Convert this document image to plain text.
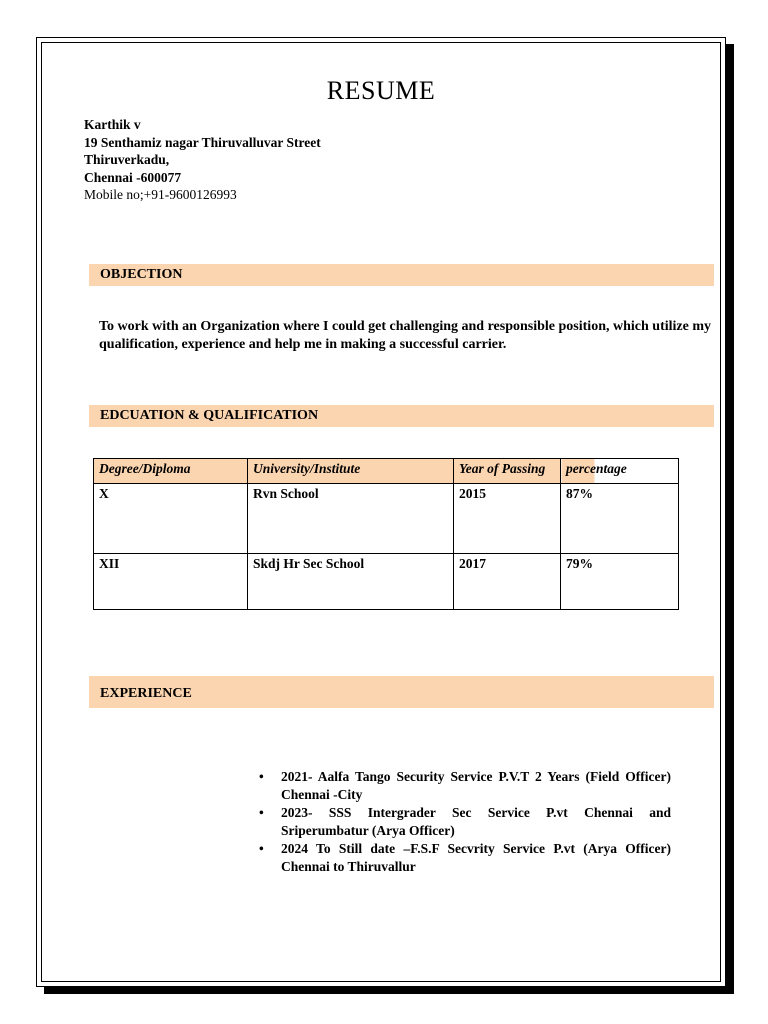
RESUME
Karthik v
19 Senthamiz nagar Thiruvalluvar Street
Thiruverkadu,
Chennai -600077
Mobile no;+91-9600126993
OBJECTION
To work with an Organization where I could get challenging and responsible position, which utilize my qualification, experience and help me in making a successful carrier.
EDCUATION & QUALIFICATION
Degree/Diploma	University/Institute	Year of Passing	percentage
X	Rvn School	2015	87%
XII	Skdj Hr Sec School	2017	79%
EXPERIENCE
• 2021- Aalfa Tango Security Service P.V.T 2 Years (Field Officer) Chennai -City
• 2023- SSS Intergrader Sec Service P.vt Chennai and Sriperumbatur (Arya Officer)
• 2024 To Still date –F.S.F Secvrity Service P.vt (Arya Officer) Chennai to Thiruvallur
